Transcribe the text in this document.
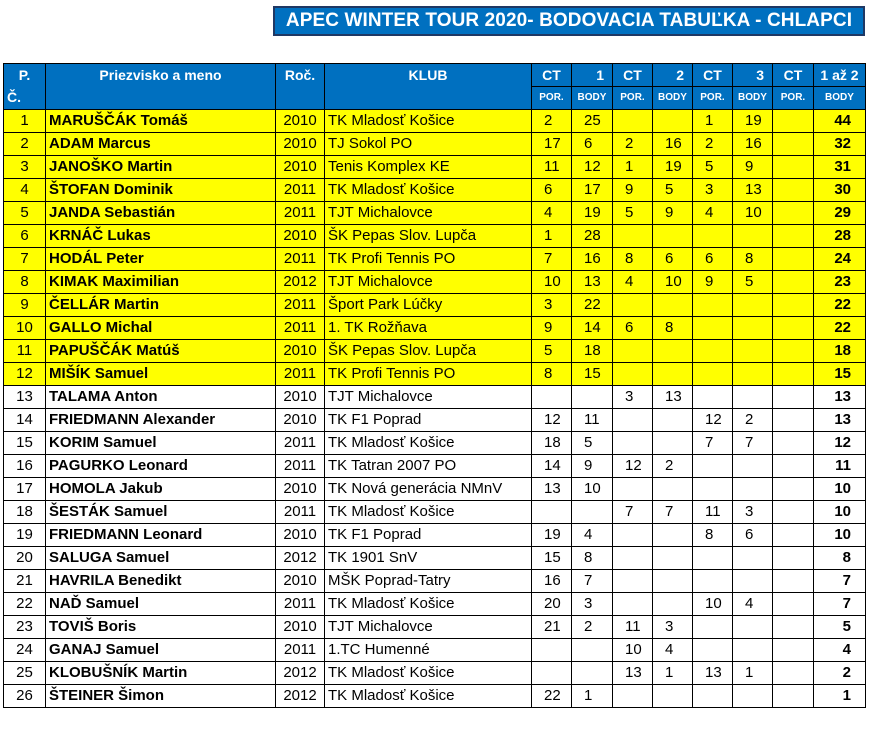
APEC WINTER TOUR 2020- BODOVACIA TABUĽKA - CHLAPCI
P.
Č.	Priezvisko a meno	Roč.	KLUB	CT	1	CT	2	CT	3	CT	1 až 2
				POR.	BODY	POR.	BODY	POR.	BODY	POR.	BODY
1	MARUŠČÁK Tomáš	2010	TK Mladosť Košice	2	25			1	19		44
2	ADAM Marcus	2010	TJ Sokol PO	17	6	2	16	2	16		32
3	JANOŠKO Martin	2010	Tenis Komplex KE	11	12	1	19	5	9		31
4	ŠTOFAN Dominik	2011	TK Mladosť Košice	6	17	9	5	3	13		30
5	JANDA Sebastián	2011	TJT Michalovce	4	19	5	9	4	10		29
6	KRNÁČ Lukas	2010	ŠK Pepas Slov. Lupča	1	28						28
7	HODÁL Peter	2011	TK Profi Tennis PO	7	16	8	6	6	8		24
8	KIMAK Maximilian	2012	TJT Michalovce	10	13	4	10	9	5		23
9	ČELLÁR Martin	2011	Šport Park Lúčky	3	22						22
10	GALLO Michal	2011	1. TK Rožňava	9	14	6	8				22
11	PAPUŠČÁK Matúš	2010	ŠK Pepas Slov. Lupča	5	18						18
12	MIŠÍK Samuel	2011	TK Profi Tennis PO	8	15						15
13	TALAMA Anton	2010	TJT Michalovce			3	13				13
14	FRIEDMANN Alexander	2010	TK F1 Poprad	12	11			12	2		13
15	KORIM Samuel	2011	TK Mladosť Košice	18	5			7	7		12
16	PAGURKO Leonard	2011	TK Tatran 2007 PO	14	9	12	2				11
17	HOMOLA Jakub	2010	TK Nová generácia NMnV	13	10						10
18	ŠESTÁK Samuel	2011	TK Mladosť Košice			7	7	11	3		10
19	FRIEDMANN Leonard	2010	TK F1 Poprad	19	4			8	6		10
20	SALUGA Samuel	2012	TK 1901 SnV	15	8						8
21	HAVRILA Benedikt	2010	MŠK Poprad-Tatry	16	7						7
22	NAĎ Samuel	2011	TK Mladosť Košice	20	3			10	4		7
23	TOVIŠ Boris	2010	TJT Michalovce	21	2	11	3				5
24	GANAJ Samuel	2011	1.TC Humenné			10	4				4
25	KLOBUŠNÍK Martin	2012	TK Mladosť Košice			13	1	13	1		2
26	ŠTEINER Šimon	2012	TK Mladosť Košice	22	1						1
